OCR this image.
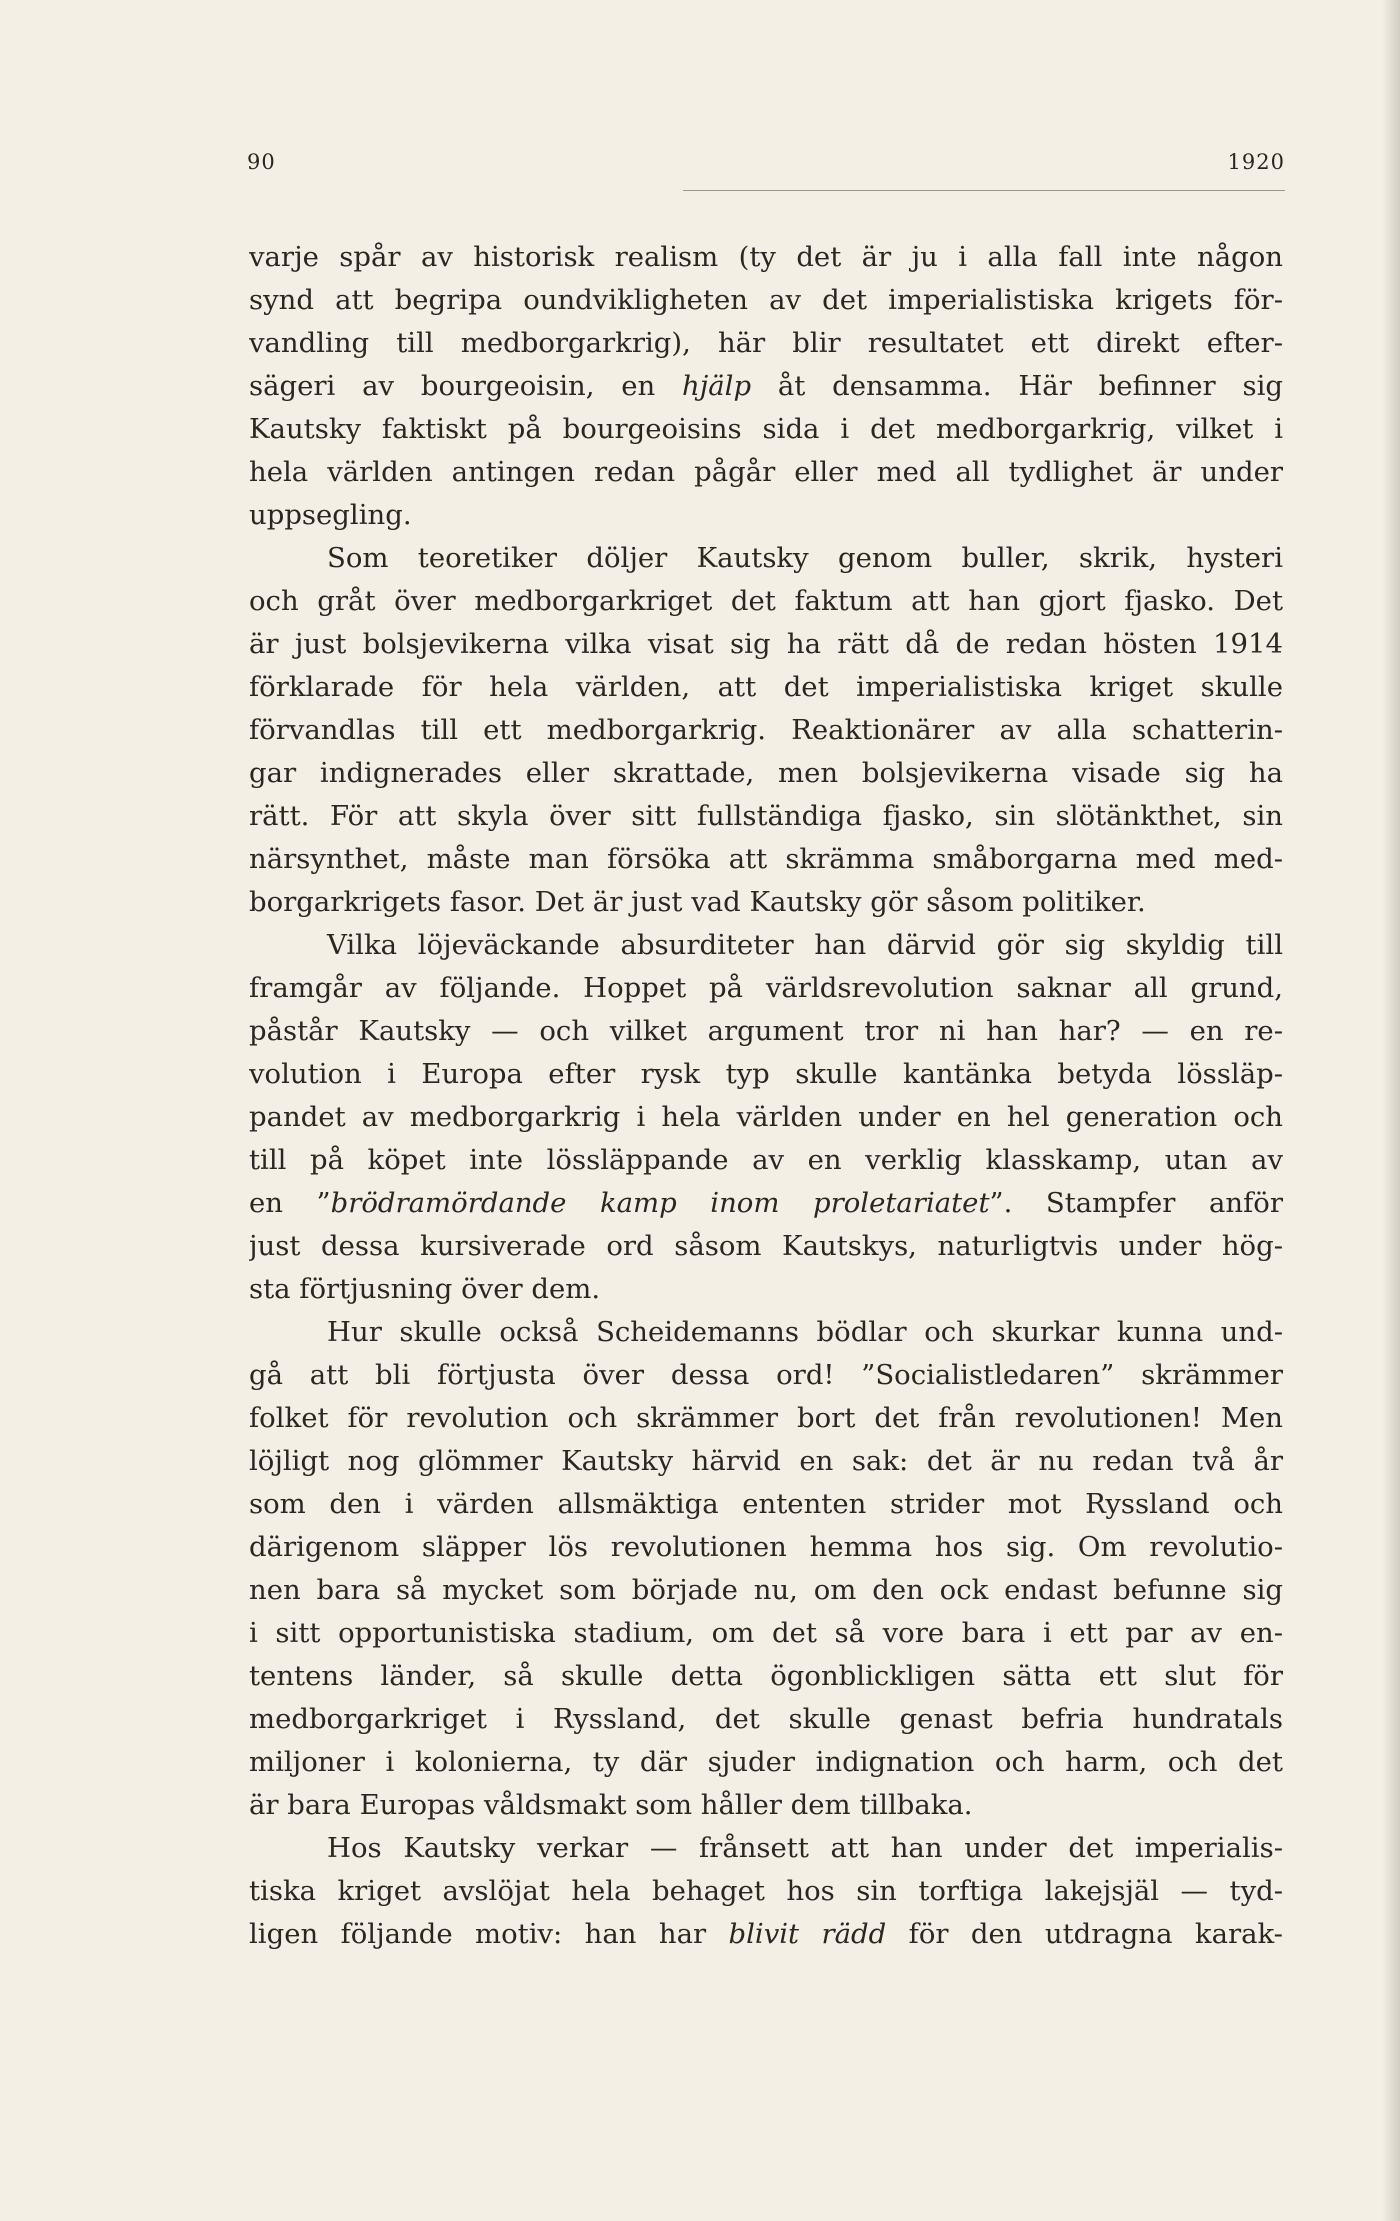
90	1920
varje spår av historisk realism (ty det är ju i alla fall inte någon
synd att begripa oundvikligheten av det imperialistiska krigets för-
vandling till medborgarkrig), här blir resultatet ett direkt efter-
sägeri av bourgeoisin, en hjälp åt densamma. Här befinner sig
Kautsky faktiskt på bourgeoisins sida i det medborgarkrig, vilket i
hela världen antingen redan pågår eller med all tydlighet är under
uppsegling.
Som teoretiker döljer Kautsky genom buller, skrik, hysteri
och gråt över medborgarkriget det faktum att han gjort fjasko. Det
är just bolsjevikerna vilka visat sig ha rätt då de redan hösten 1914
förklarade för hela världen, att det imperialistiska kriget skulle
förvandlas till ett medborgarkrig. Reaktionärer av alla schatterin-
gar indignerades eller skrattade, men bolsjevikerna visade sig ha
rätt. För att skyla över sitt fullständiga fjasko, sin slötänkthet, sin
närsynthet, måste man försöka att skrämma småborgarna med med-
borgarkrigets fasor. Det är just vad Kautsky gör såsom politiker.
Vilka löjeväckande absurditeter han därvid gör sig skyldig till
framgår av följande. Hoppet på världsrevolution saknar all grund,
påstår Kautsky — och vilket argument tror ni han har? — en re-
volution i Europa efter rysk typ skulle kantänka betyda lössläp-
pandet av medborgarkrig i hela världen under en hel generation och
till på köpet inte lössläppande av en verklig klasskamp, utan av
en ”brödramördande kamp inom proletariatet”. Stampfer anför
just dessa kursiverade ord såsom Kautskys, naturligtvis under hög-
sta förtjusning över dem.
Hur skulle också Scheidemanns bödlar och skurkar kunna und-
gå att bli förtjusta över dessa ord! ”Socialistledaren” skrämmer
folket för revolution och skrämmer bort det från revolutionen! Men
löjligt nog glömmer Kautsky härvid en sak: det är nu redan två år
som den i värden allsmäktiga ententen strider mot Ryssland och
därigenom släpper lös revolutionen hemma hos sig. Om revolutio-
nen bara så mycket som började nu, om den ock endast befunne sig
i sitt opportunistiska stadium, om det så vore bara i ett par av en-
tentens länder, så skulle detta ögonblickligen sätta ett slut för
medborgarkriget i Ryssland, det skulle genast befria hundratals
miljoner i kolonierna, ty där sjuder indignation och harm, och det
är bara Europas våldsmakt som håller dem tillbaka.
Hos Kautsky verkar — frånsett att han under det imperialis-
tiska kriget avslöjat hela behaget hos sin torftiga lakejsjäl — tyd-
ligen följande motiv: han har blivit rädd för den utdragna karak-
